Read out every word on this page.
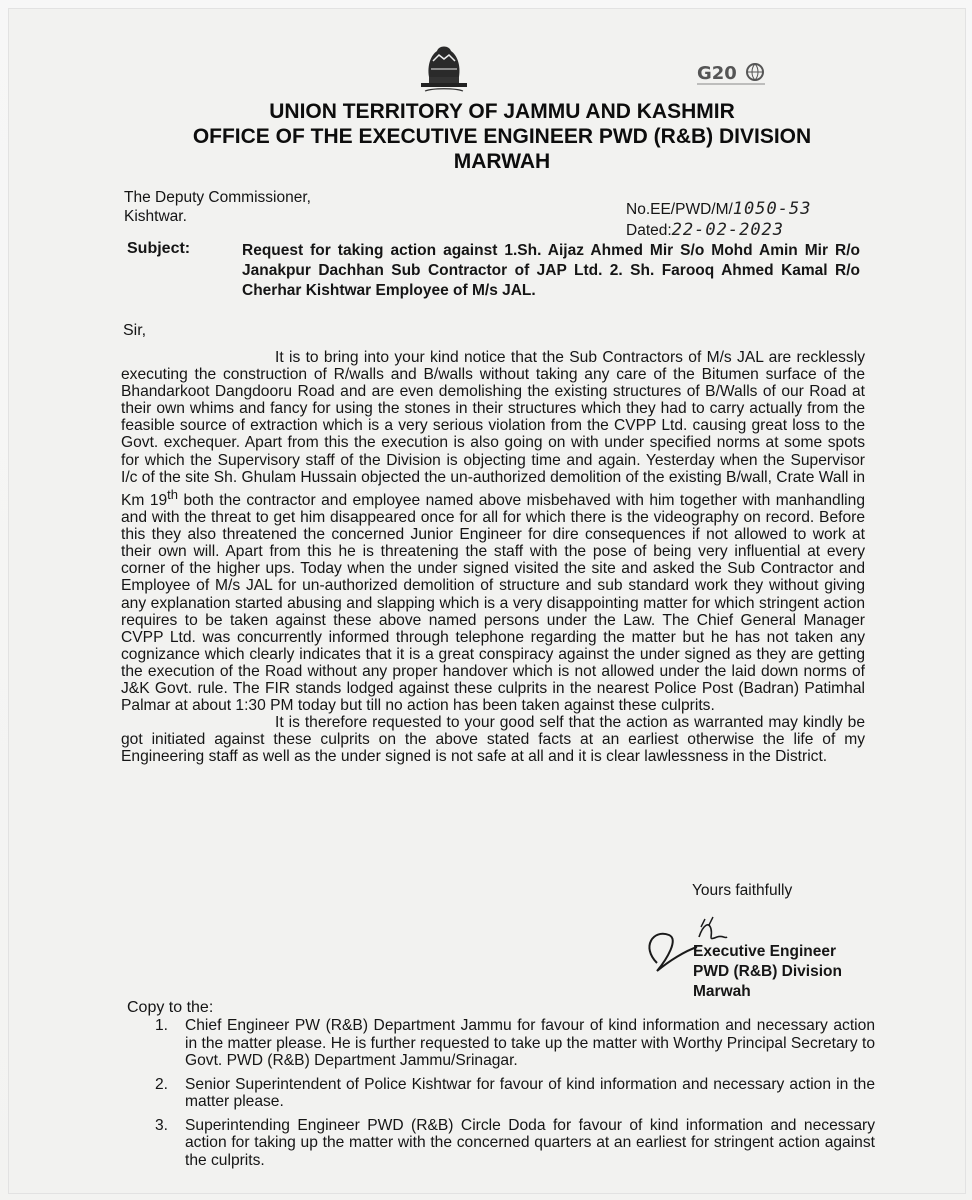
G20
UNION TERRITORY OF JAMMU AND KASHMIR
OFFICE OF THE EXECUTIVE ENGINEER PWD (R&B) DIVISION
MARWAH
The Deputy Commissioner,
Kishtwar.	No.EE/PWD/M/1050-53
Dated:22-02-2023
Subject:	Request for taking action against 1.Sh. Aijaz Ahmed Mir S/o Mohd Amin Mir R/o Janakpur Dachhan Sub Contractor of JAP Ltd. 2. Sh. Farooq Ahmed Kamal R/o Cherhar Kishtwar Employee of M/s JAL.
Sir,

It is to bring into your kind notice that the Sub Contractors of M/s JAL are recklessly executing the construction of R/walls and B/walls without taking any care of the Bitumen surface of the Bhandarkoot Dangdooru Road and are even demolishing the existing structures of B/Walls of our Road at their own whims and fancy for using the stones in their structures which they had to carry actually from the feasible source of extraction which is a very serious violation from the CVPP Ltd. causing great loss to the Govt. exchequer. Apart from this the execution is also going on with under specified norms at some spots for which the Supervisory staff of the Division is objecting time and again. Yesterday when the Supervisor I/c of the site Sh. Ghulam Hussain objected the un-authorized demolition of the existing B/wall, Crate Wall in Km 19th both the contractor and employee named above misbehaved with him together with manhandling and with the threat to get him disappeared once for all for which there is the videography on record. Before this they also threatened the concerned Junior Engineer for dire consequences if not allowed to work at their own will. Apart from this he is threatening the staff with the pose of being very influential at every corner of the higher ups. Today when the under signed visited the site and asked the Sub Contractor and Employee of M/s JAL for un-authorized demolition of structure and sub standard work they without giving any explanation started abusing and slapping which is a very disappointing matter for which stringent action requires to be taken against these above named persons under the Law. The Chief General Manager CVPP Ltd. was concurrently informed through telephone regarding the matter but he has not taken any cognizance which clearly indicates that it is a great conspiracy against the under signed as they are getting the execution of the Road without any proper handover which is not allowed under the laid down norms of J&K Govt. rule. The FIR stands lodged against these culprits in the nearest Police Post (Badran) Patimhal Palmar at about 1:30 PM today but till no action has been taken against these culprits.

It is therefore requested to your good self that the action as warranted may kindly be got initiated against these culprits on the above stated facts at an earliest otherwise the life of my Engineering staff as well as the under signed is not safe at all and it is clear lawlessness in the District.

Yours faithfully
Executive Engineer
PWD (R&B) Division
Marwah
Copy to the:
1.	Chief Engineer PW (R&B) Department Jammu for favour of kind information and necessary action in the matter please. He is further requested to take up the matter with Worthy Principal Secretary to Govt. PWD (R&B) Department Jammu/Srinagar.
2.	Senior Superintendent of Police Kishtwar for favour of kind information and necessary action in the matter please.
3.	Superintending Engineer PWD (R&B) Circle Doda for favour of kind information and necessary action for taking up the matter with the concerned quarters at an earliest for stringent action against the culprits.
